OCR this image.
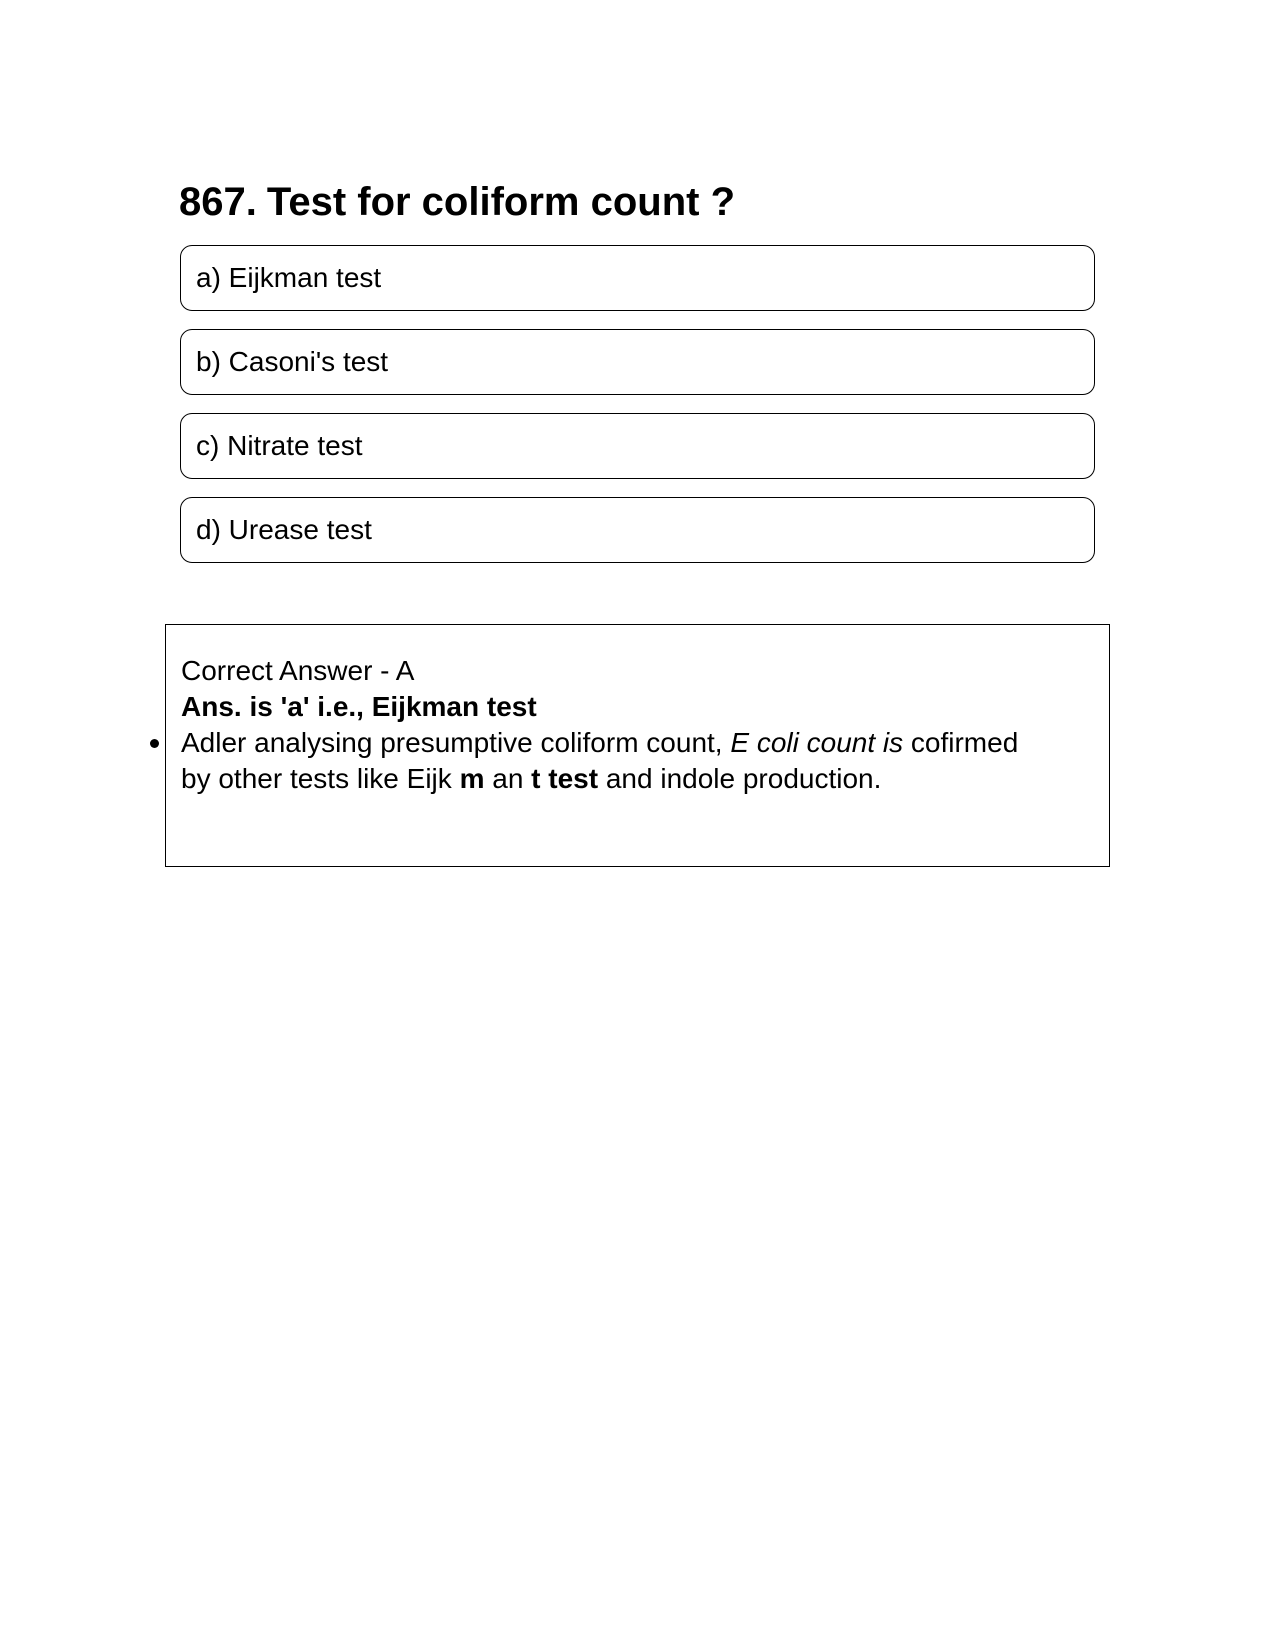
867. Test for coliform count ?
a) Eijkman test
b) Casoni's test
c) Nitrate test
d) Urease test
Correct Answer - A
Ans. is 'a' i.e., Eijkman test
Adler analysing presumptive coliform count, E coli count is cofirmed
by other tests like Eijk m an t test and indole production.
